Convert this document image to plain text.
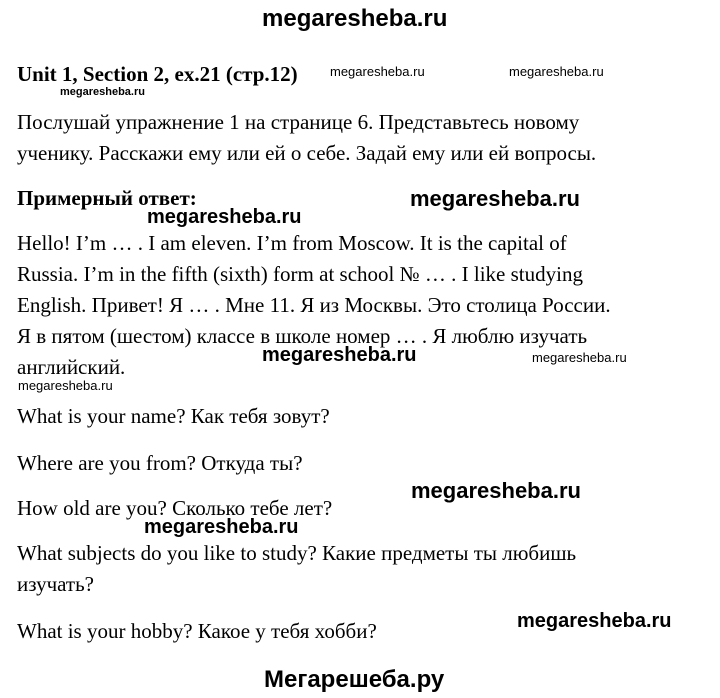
megaresheba.ru
Unit 1, Section 2, ex.21 (стр.12) megaresheba.ru	megaresheba.ru
megaresheba.ru
Послушай упражнение 1 на странице 6. Представьтесь новому
ученику. Расскажи ему или ей о себе. Задай ему или ей вопросы.
Примерный ответ:	megaresheba.ru
megaresheba.ru
Hello! I’m … . I am eleven. I’m from Moscow. It is the capital of
Russia. I’m in the fifth (sixth) form at school № … . I like studying
English. Привет! Я … . Мне 11. Я из Москвы. Это столица России.
Я в пятом (шестом) классе в школе номер … . Я люблю изучать
английский.	megaresheba.ru	megaresheba.ru
megaresheba.ru
What is your name? Как тебя зовут?
Where are you from? Откуда ты?
megaresheba.ru
How old are you? Сколько тебе лет?
megaresheba.ru
What subjects do you like to study? Какие предметы ты любишь
изучать?
megaresheba.ru
What is your hobby? Какое у тебя хобби?
Мегарешеба.ру
